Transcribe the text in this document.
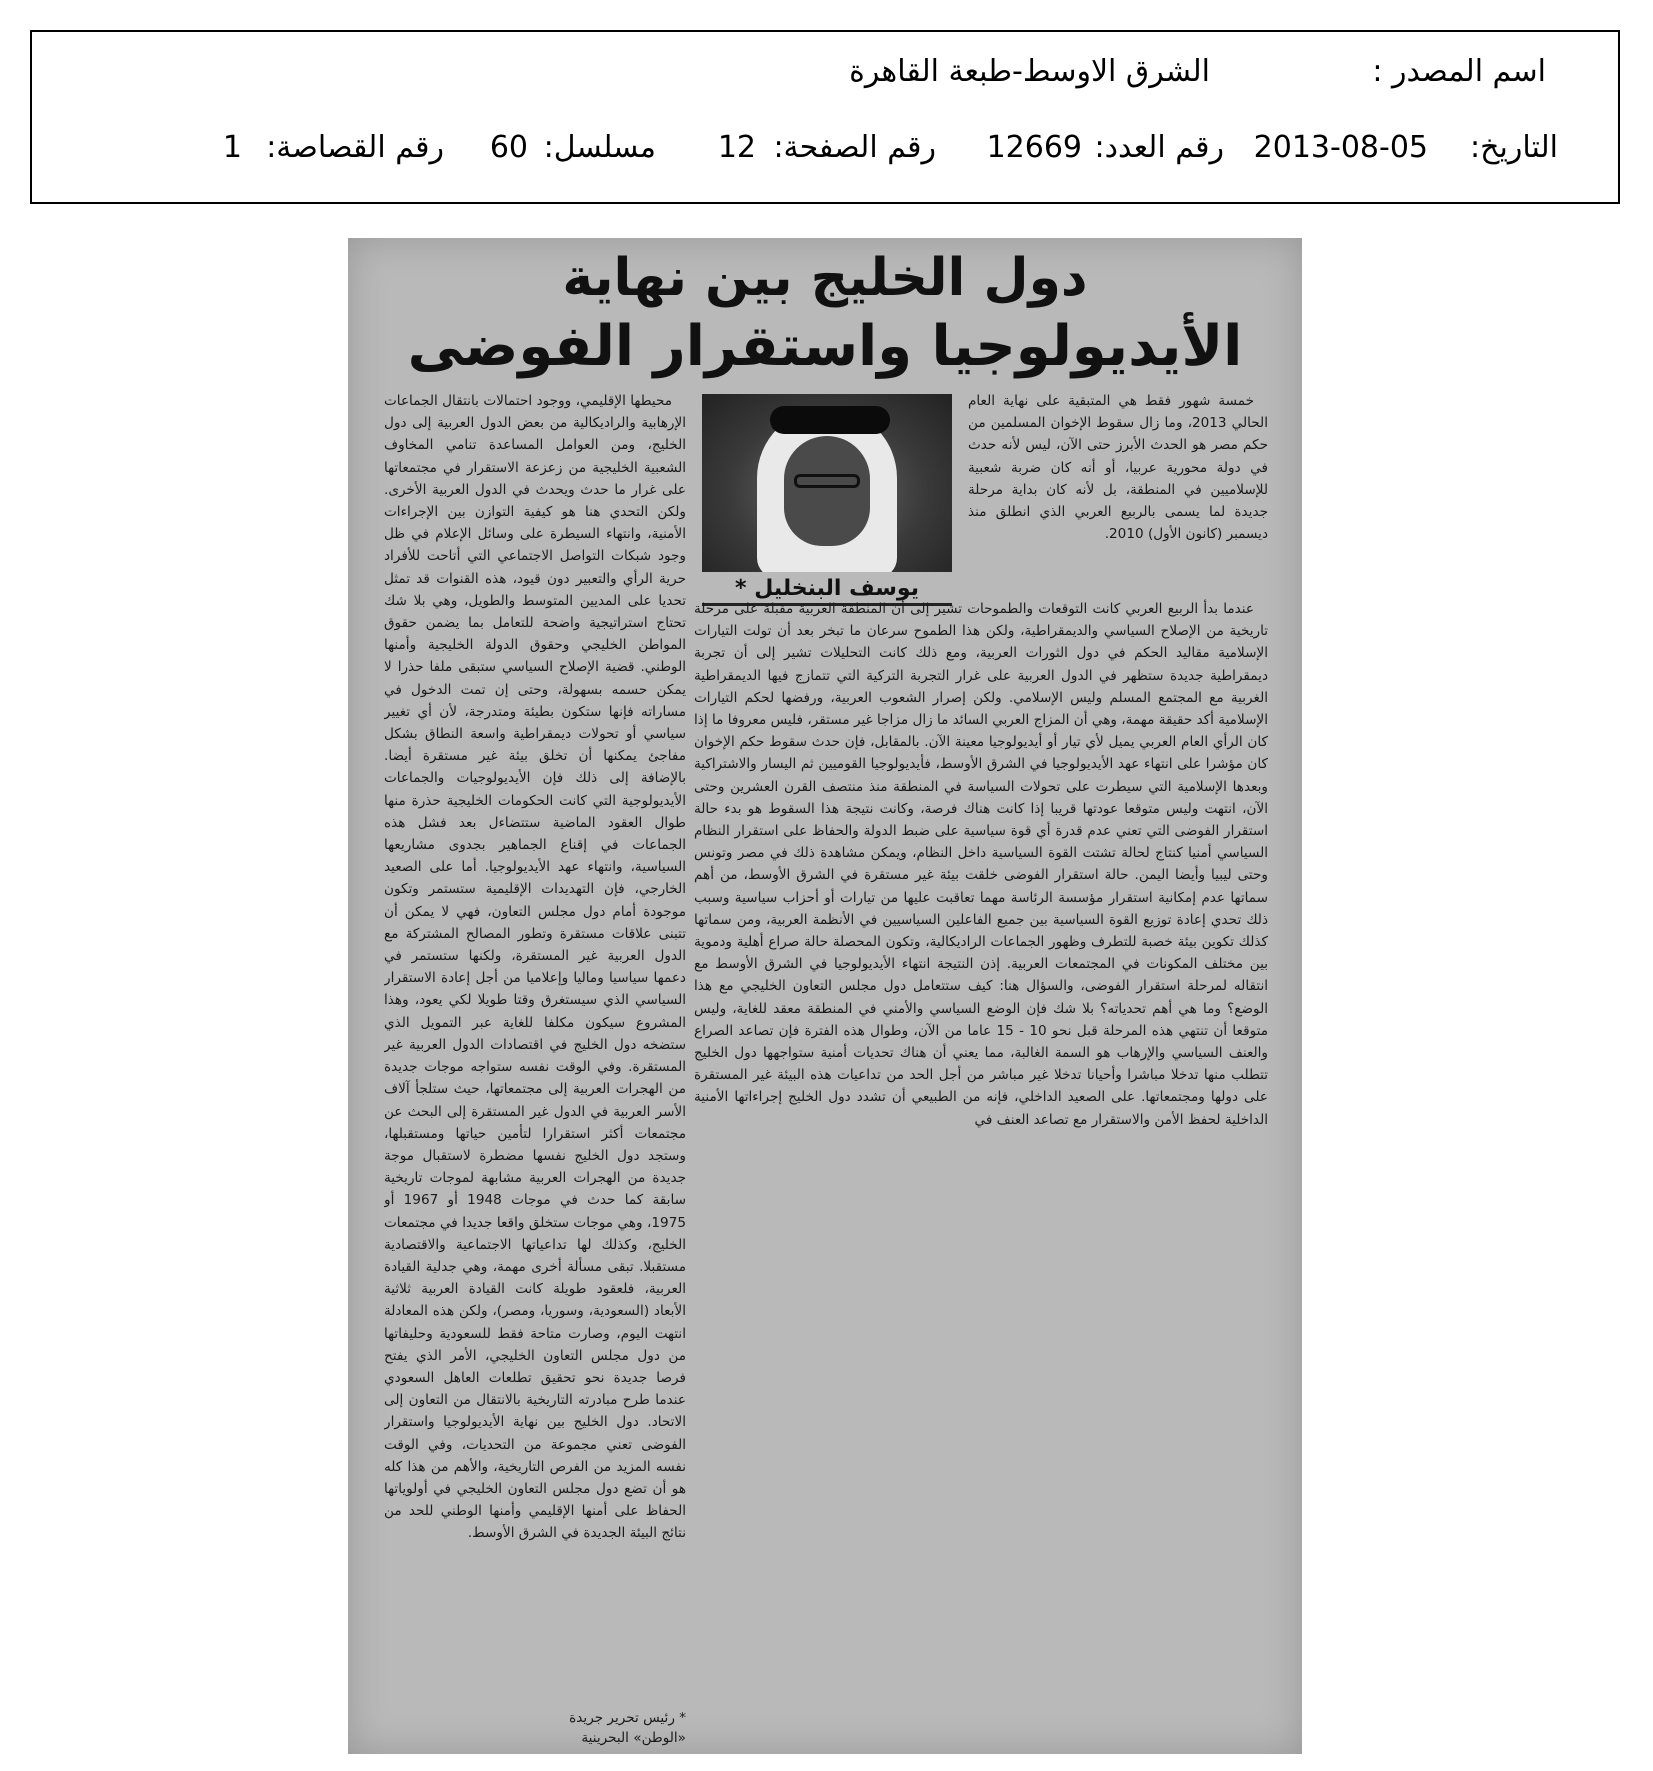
اسم المصدر :
الشرق الاوسط-طبعة القاهرة
التاريخ:
2013-08-05
رقم العدد:
12669
رقم الصفحة:
12
مسلسل:
60
رقم القصاصة:
1
دول الخليج بين نهاية
الأيديولوجيا واستقرار الفوضى

خمسة شهور فقط هي المتبقية على نهاية العام الحالي 2013، وما زال سقوط الإخوان المسلمين من حكم مصر هو الحدث الأبرز حتى الآن، ليس لأنه حدث في دولة محورية عربيا، أو أنه كان ضربة شعبية للإسلاميين في المنطقة، بل لأنه كان بداية مرحلة جديدة لما يسمى بالربيع العربي الذي انطلق منذ ديسمبر (كانون الأول) 2010.

يوسف البنخليل *

عندما بدأ الربيع العربي كانت التوقعات والطموحات تشير إلى أن المنطقة العربية مقبلة على مرحلة تاريخية من الإصلاح السياسي والديمقراطية، ولكن هذا الطموح سرعان ما تبخر بعد أن تولت التيارات الإسلامية مقاليد الحكم في دول الثورات العربية، ومع ذلك كانت التحليلات تشير إلى أن تجربة ديمقراطية جديدة ستظهر في الدول العربية على غرار التجربة التركية التي تتمازج فيها الديمقراطية الغربية مع المجتمع المسلم وليس الإسلامي. ولكن إصرار الشعوب العربية، ورفضها لحكم التيارات الإسلامية أكد حقيقة مهمة، وهي أن المزاج العربي السائد ما زال مزاجا غير مستقر، فليس معروفا ما إذا كان الرأي العام العربي يميل لأي تيار أو أيديولوجيا معينة الآن. بالمقابل، فإن حدث سقوط حكم الإخوان كان مؤشرا على انتهاء عهد الأيديولوجيا في الشرق الأوسط، فأيديولوجيا القوميين ثم اليسار والاشتراكية وبعدها الإسلامية التي سيطرت على تحولات السياسة في المنطقة منذ منتصف القرن العشرين وحتى الآن، انتهت وليس متوقعا عودتها قريبا إذا كانت هناك فرصة، وكانت نتيجة هذا السقوط هو بدء حالة استقرار الفوضى التي تعني عدم قدرة أي قوة سياسية على ضبط الدولة والحفاظ على استقرار النظام السياسي أمنيا كنتاج لحالة تشتت القوة السياسية داخل النظام، ويمكن مشاهدة ذلك في مصر وتونس وحتى ليبيا وأيضا اليمن. حالة استقرار الفوضى خلقت بيئة غير مستقرة في الشرق الأوسط، من أهم سماتها عدم إمكانية استقرار مؤسسة الرئاسة مهما تعاقبت عليها من تيارات أو أحزاب سياسية وسبب ذلك تحدي إعادة توزيع القوة السياسية بين جميع الفاعلين السياسيين في الأنظمة العربية، ومن سماتها كذلك تكوين بيئة خصبة للتطرف وظهور الجماعات الراديكالية، وتكون المحصلة حالة صراع أهلية ودموية بين مختلف المكونات في المجتمعات العربية. إذن النتيجة انتهاء الأيديولوجيا في الشرق الأوسط مع انتقاله لمرحلة استقرار الفوضى، والسؤال هنا: كيف ستتعامل دول مجلس التعاون الخليجي مع هذا الوضع؟ وما هي أهم تحدياته؟ بلا شك فإن الوضع السياسي والأمني في المنطقة معقد للغاية، وليس متوقعا أن تنتهي هذه المرحلة قبل نحو 10 - 15 عاما من الآن، وطوال هذه الفترة فإن تصاعد الصراع والعنف السياسي والإرهاب هو السمة الغالبة، مما يعني أن هناك تحديات أمنية ستواجهها دول الخليج تتطلب منها تدخلا مباشرا وأحيانا تدخلا غير مباشر من أجل الحد من تداعيات هذه البيئة غير المستقرة على دولها ومجتمعاتها. على الصعيد الداخلي، فإنه من الطبيعي أن تشدد دول الخليج إجراءاتها الأمنية الداخلية لحفظ الأمن والاستقرار مع تصاعد العنف في

محيطها الإقليمي، ووجود احتمالات بانتقال الجماعات الإرهابية والراديكالية من بعض الدول العربية إلى دول الخليج، ومن العوامل المساعدة تنامي المخاوف الشعبية الخليجية من زعزعة الاستقرار في مجتمعاتها على غرار ما حدث ويحدث في الدول العربية الأخرى. ولكن التحدي هنا هو كيفية التوازن بين الإجراءات الأمنية، وانتهاء السيطرة على وسائل الإعلام في ظل وجود شبكات التواصل الاجتماعي التي أتاحت للأفراد حرية الرأي والتعبير دون قيود، هذه القنوات قد تمثل تحديا على المديين المتوسط والطويل، وهي بلا شك تحتاج استراتيجية واضحة للتعامل بما يضمن حقوق المواطن الخليجي وحقوق الدولة الخليجية وأمنها الوطني. قضية الإصلاح السياسي ستبقى ملفا حذرا لا يمكن حسمه بسهولة، وحتى إن تمت الدخول في مساراته فإنها ستكون بطيئة ومتدرجة، لأن أي تغيير سياسي أو تحولات ديمقراطية واسعة النطاق بشكل مفاجئ يمكنها أن تخلق بيئة غير مستقرة أيضا. بالإضافة إلى ذلك فإن الأيديولوجيات والجماعات الأيديولوجية التي كانت الحكومات الخليجية حذرة منها طوال العقود الماضية ستتضاءل بعد فشل هذه الجماعات في إقناع الجماهير بجدوى مشاريعها السياسية، وانتهاء عهد الأيديولوجيا. أما على الصعيد الخارجي، فإن التهديدات الإقليمية ستستمر وتكون موجودة أمام دول مجلس التعاون، فهي لا يمكن أن تتبنى علاقات مستقرة وتطور المصالح المشتركة مع الدول العربية غير المستقرة، ولكنها ستستمر في دعمها سياسيا وماليا وإعلاميا من أجل إعادة الاستقرار السياسي الذي سيستغرق وقتا طويلا لكي يعود، وهذا المشروع سيكون مكلفا للغاية عبر التمويل الذي ستضخه دول الخليج في اقتصادات الدول العربية غير المستقرة. وفي الوقت نفسه ستواجه موجات جديدة من الهجرات العربية إلى مجتمعاتها، حيث ستلجأ آلاف الأسر العربية في الدول غير المستقرة إلى البحث عن مجتمعات أكثر استقرارا لتأمين حياتها ومستقبلها، وستجد دول الخليج نفسها مضطرة لاستقبال موجة جديدة من الهجرات العربية مشابهة لموجات تاريخية سابقة كما حدث في موجات 1948 أو 1967 أو 1975، وهي موجات ستخلق واقعا جديدا في مجتمعات الخليج، وكذلك لها تداعياتها الاجتماعية والاقتصادية مستقبلا. تبقى مسألة أخرى مهمة، وهي جدلية القيادة العربية، فلعقود طويلة كانت القيادة العربية ثلاثية الأبعاد (السعودية، وسوريا، ومصر)، ولكن هذه المعادلة انتهت اليوم، وصارت متاحة فقط للسعودية وحليفاتها من دول مجلس التعاون الخليجي، الأمر الذي يفتح فرصا جديدة نحو تحقيق تطلعات العاهل السعودي عندما طرح مبادرته التاريخية بالانتقال من التعاون إلى الاتحاد. دول الخليج بين نهاية الأيديولوجيا واستقرار الفوضى تعني مجموعة من التحديات، وفي الوقت نفسه المزيد من الفرص التاريخية، والأهم من هذا كله هو أن تضع دول مجلس التعاون الخليجي في أولوياتها الحفاظ على أمنها الإقليمي وأمنها الوطني للحد من نتائج البيئة الجديدة في الشرق الأوسط.

* رئيس تحرير جريدة
«الوطن» البحرينية
